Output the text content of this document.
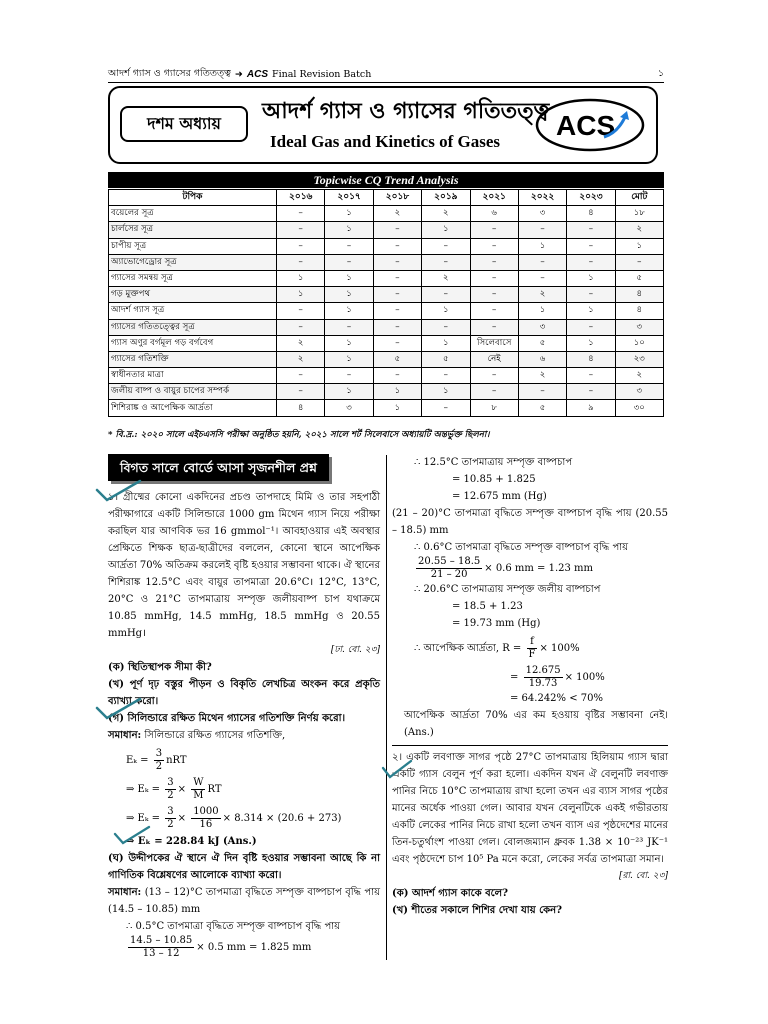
আদর্শ গ্যাস ও গ্যাসের গতিতত্ত্ব ➜ ACS Final Revision Batch	১
দশম অধ্যায়	আদর্শ গ্যাস ও গ্যাসের গতিতত্ত্ব
Ideal Gas and Kinetics of Gases
ACS
Topicwise CQ Trend Analysis
টপিক	২০১৬	২০১৭	২০১৮	২০১৯	২০২১	২০২২	২০২৩	মোট
বয়েলের সূত্র	–	১	২	২	৬	৩	৪	১৮
চার্লসের সূত্র	–	১	–	১	–	–	–	২
চাপীয় সূত্র	–	–	–	–	–	১	–	১
অ্যাভোগেড্রোর সূত্র	–	–	–	–	–	–	–	–
গ্যাসের সমন্বয় সূত্র	১	১	–	২	–	–	১	৫
গড় মুক্তপথ	১	১	–	–	–	২	–	৪
আদর্শ গ্যাস সূত্র	–	১	–	১	–	১	১	৪
গ্যাসের গতিতত্ত্বের সূত্র	–	–	–	–	–	৩	–	৩
গ্যাস অণুর বর্গমূল গড় বর্গবেগ	২	১	–	১	সিলেবাসে	৫	১	১০
গ্যাসের গতিশক্তি	২	১	৫	৫	নেই	৬	৪	২৩
স্বাধীনতার মাত্রা	–	–	–	–	–	২	–	২
জলীয় বাষ্প ও বায়ুর চাপের সম্পর্ক	–	১	১	১	–	–	–	৩
শিশিরাঙ্ক ও আপেক্ষিক আর্দ্রতা	৪	৩	১	–	৮	৫	৯	৩০
* বি.দ্র.: ২০২০ সালে এইচএসসি পরীক্ষা অনুষ্ঠিত হয়নি, ২০২১ সালে শর্ট সিলেবাসে অধ্যায়টি অন্তর্ভুক্ত ছিলনা।
বিগত সালে বোর্ডে আসা সৃজনশীল প্রশ্ন

১। গ্রীষ্মের কোনো একদিনের প্রচণ্ড তাপদাহে মিমি ও তার সহপাঠী পরীক্ষাগারে একটি সিলিন্ডারে 1000 gm মিথেন গ্যাস নিয়ে পরীক্ষা করছিল যার আণবিক ভর 16 gmmol⁻¹। আবহাওয়ার এই অবস্থার প্রেক্ষিতে শিক্ষক ছাত্র-ছাত্রীদের বললেন, কোনো স্থানে আপেক্ষিক আর্দ্রতা 70% অতিক্রম করলেই বৃষ্টি হওয়ার সম্ভাবনা থাকে। ঐ স্থানের শিশিরাঙ্ক 12.5°C এবং বায়ুর তাপমাত্রা 20.6°C। 12°C, 13°C, 20°C ও 21°C তাপমাত্রায় সম্পৃক্ত জলীয়বাষ্প চাপ যথাক্রমে 10.85 mmHg, 14.5 mmHg, 18.5 mmHg ও 20.55 mmHg।

[ঢা. বো. ২৩]

(ক) স্থিতিস্থাপক সীমা কী?

(খ) পূর্ণ দৃঢ় বস্তুর পীড়ন ও বিকৃতি লেখচিত্র অংকন করে প্রকৃতি ব্যাখ্যা করো।

(গ) সিলিন্ডারে রক্ষিত মিথেন গ্যাসের গতিশক্তি নির্ণয় করো।

সমাধান: সিলিন্ডারে রক্ষিত গ্যাসের গতিশক্তি,

$E_k = \frac{3}{2}$ nRT
⇒ $E_k = \frac{3}{2} \times \frac{W}{M}$ RT
⇒ $E_k = \frac{3}{2} \times \frac{1000}{16} \times 8.314 \times (20.6 + 273)$
⇒ Eₖ = 228.84 kJ (Ans.)

(ঘ) উদ্দীপকের ঐ স্থানে ঐ দিন বৃষ্টি হওয়ার সম্ভাবনা আছে কি না গাণিতিক বিশ্লেষণের আলোকে ব্যাখ্যা করো।

সমাধান: (13 – 12)°C তাপমাত্রা বৃদ্ধিতে সম্পৃক্ত বাষ্পচাপ বৃদ্ধি পায় (14.5 – 10.85) mm

∴ 0.5°C তাপমাত্রা বৃদ্ধিতে সম্পৃক্ত বাষ্পচাপ বৃদ্ধি পায়

$\frac{14.5 - 10.85}{13 - 12} \times 0.5$ mm = 1.825 mm

∴ 12.5°C তাপমাত্রায় সম্পৃক্ত বাষ্পচাপ

= 10.85 + 1.825

= 12.675 mm (Hg)

(21 – 20)°C তাপমাত্রা বৃদ্ধিতে সম্পৃক্ত বাষ্পচাপ বৃদ্ধি পায় (20.55 – 18.5) mm

∴ 0.6°C তাপমাত্রা বৃদ্ধিতে সম্পৃক্ত বাষ্পচাপ বৃদ্ধি পায়

$\frac{20.55 - 18.5}{21 - 20} \times 0.6$ mm = 1.23 mm

∴ 20.6°C তাপমাত্রায় সম্পৃক্ত জলীয় বাষ্পচাপ

= 18.5 + 1.23

= 19.73 mm (Hg)

∴ আপেক্ষিক আর্দ্রতা, $R = \frac{f}{F} \times 100\%$
= $\frac{12.675}{19.73} \times 100\%$

= 64.242% < 70%

আপেক্ষিক আর্দ্রতা 70% এর কম হওয়ায় বৃষ্টির সম্ভাবনা নেই। (Ans.)

২। একটি লবণাক্ত সাগর পৃষ্ঠে 27°C তাপমাত্রায় হিলিয়াম গ্যাস দ্বারা একটি গ্যাস বেলুন পূর্ণ করা হলো। একদিন যখন ঐ বেলুনটি লবণাক্ত পানির নিচে 10°C তাপমাত্রায় রাখা হলো তখন এর ব্যাস সাগর পৃষ্ঠের মানের অর্ধেক পাওয়া গেল। আবার যখন বেলুনটিকে একই গভীরতায় একটি লেকের পানির নিচে রাখা হলো তখন ব্যাস এর পৃষ্ঠদেশের মানের তিন-চতুর্থাংশ পাওয়া গেল। বোলজম্যান ধ্রুবক 1.38 × 10⁻²³ JK⁻¹ এবং পৃষ্ঠদেশে চাপ 10⁵ Pa মনে করো, লেকের সর্বত্র তাপমাত্রা সমান।

[রা. বো. ২৩]

(ক) আদর্শ গ্যাস কাকে বলে?

(খ) শীতের সকালে শিশির দেখা যায় কেন?
